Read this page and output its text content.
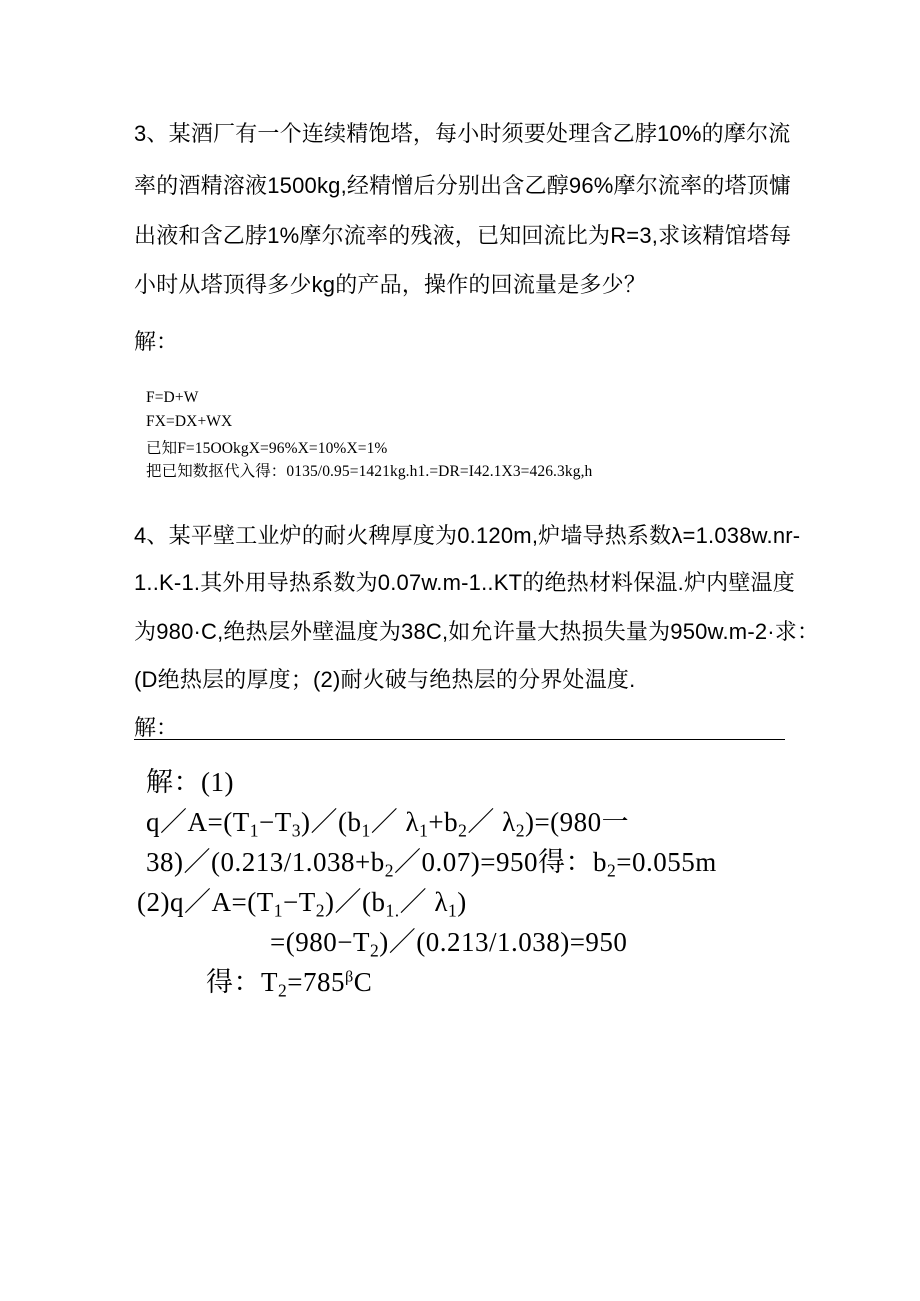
3、某酒厂有一个连续精饱塔，每小时须要处理含乙脖10%的摩尔流
率的酒精溶液1500kg,经精憎后分别出含乙醇96%摩尔流率的塔顶慵
出液和含乙脖1%摩尔流率的残液，已知回流比为R=3,求该精馆塔每
小时从塔顶得多少kg的产品，操作的回流量是多少？
解：
F=D+W
FX=DX+WX
已知F=15OOkgX=96%X=10%X=1%
把已知数抠代入得：0135/0.95=1421kg.h1.=DR=I42.1X3=426.3kg,h
4、某平壁工业炉的耐火稗厚度为0.120m,炉墙导热系数λ=1.038w.nr-
1..K-1.其外用导热系数为0.07w.m-1..KT的绝热材料保温.炉内壁温度
为980·C,绝热层外壁温度为38C,如允许量大热损失量为950w.m-2·求：
(D绝热层的厚度；(2)耐火破与绝热层的分界处温度.
解：
解：(1)
$q/A=(T_1-T_3)/(b_1/$ $\lambda_1+b_2/$ $\lambda_2)=(980$一
$38)/(0.213/1.038+b_2/0.07)=950$得：$b_2=0.055m$
$(2)q/A=(T_1-T_2)/(b_{1.}/$ $\lambda_1$)
$=(980-T_2)/(0.213/1.038)=950$
得：$T_2=785^\beta C$
